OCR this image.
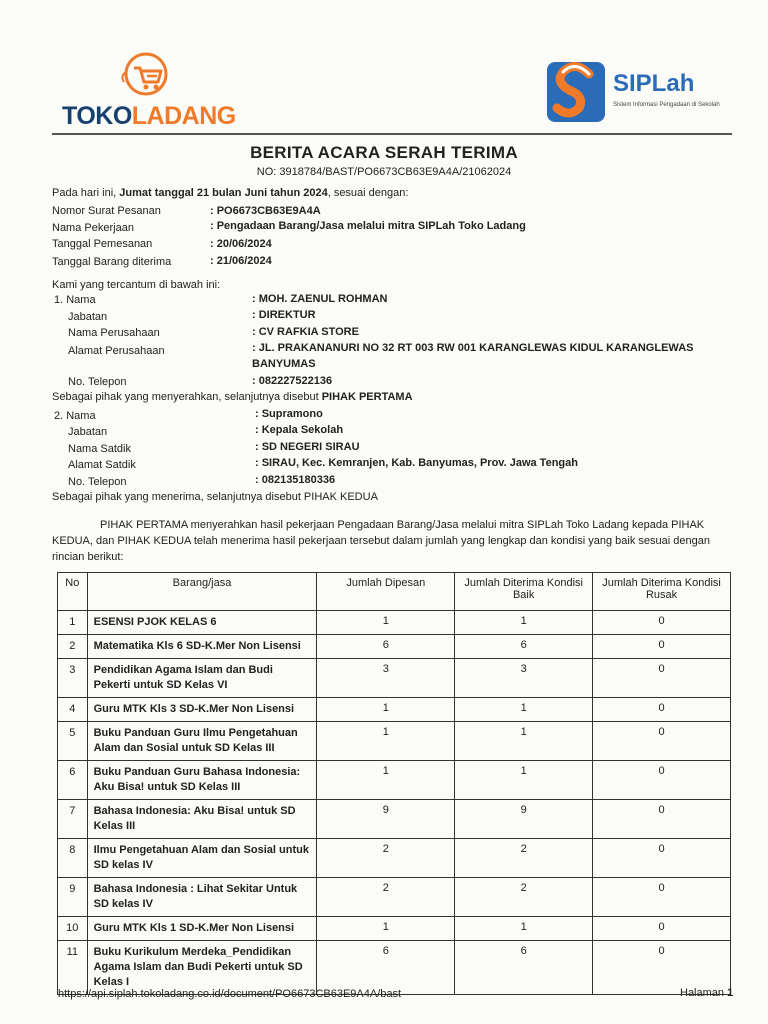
TOKOLADANG
SIPLah
Sistem Informasi Pengadaan di Sekolah
BERITA ACARA SERAH TERIMA
NO: 3918784/BAST/PO6673CB63E9A4A/21062024
Pada hari ini, Jumat tanggal 21 bulan Juni tahun 2024, sesuai dengan:
Nomor Surat Pesanan	: PO6673CB63E9A4A
Nama Pekerjaan	: Pengadaan Barang/Jasa melalui mitra SIPLah Toko Ladang
Tanggal Pemesanan	: 20/06/2024
Tanggal Barang diterima	: 21/06/2024
Kami yang tercantum di bawah ini:
1. Nama	: MOH. ZAENUL ROHMAN
Jabatan	: DIREKTUR
Nama Perusahaan	: CV RAFKIA STORE
Alamat Perusahaan	: JL. PRAKANANURI NO 32 RT 003 RW 001 KARANGLEWAS KIDUL KARANGLEWAS
BANYUMAS
No. Telepon	: 082227522136
Sebagai pihak yang menyerahkan, selanjutnya disebut PIHAK PERTAMA
2. Nama	: Supramono
Jabatan	: Kepala Sekolah
Nama Satdik	: SD NEGERI SIRAU
Alamat Satdik	: SIRAU, Kec. Kemranjen, Kab. Banyumas, Prov. Jawa Tengah
No. Telepon	: 082135180336
Sebagai pihak yang menerima, selanjutnya disebut PIHAK KEDUA
PIHAK PERTAMA menyerahkan hasil pekerjaan Pengadaan Barang/Jasa melalui mitra SIPLah Toko Ladang kepada PIHAK KEDUA, dan PIHAK KEDUA telah menerima hasil pekerjaan tersebut dalam jumlah yang lengkap dan kondisi yang baik sesuai dengan rincian berikut:
No	Barang/jasa	Jumlah Dipesan	Jumlah Diterima Kondisi Baik	Jumlah Diterima Kondisi Rusak
1	ESENSI PJOK KELAS 6	1	1	0
2	Matematika Kls 6 SD-K.Mer Non Lisensi	6	6	0
3	Pendidikan Agama Islam dan Budi Pekerti untuk SD Kelas VI	3	3	0
4	Guru MTK Kls 3 SD-K.Mer Non Lisensi	1	1	0
5	Buku Panduan Guru Ilmu Pengetahuan Alam dan Sosial untuk SD Kelas III	1	1	0
6	Buku Panduan Guru Bahasa Indonesia: Aku Bisa! untuk SD Kelas III	1	1	0
7	Bahasa Indonesia: Aku Bisa! untuk SD Kelas III	9	9	0
8	Ilmu Pengetahuan Alam dan Sosial untuk SD kelas IV	2	2	0
9	Bahasa Indonesia : Lihat Sekitar Untuk SD kelas IV	2	2	0
10	Guru MTK Kls 1 SD-K.Mer Non Lisensi	1	1	0
11	Buku Kurikulum Merdeka_Pendidikan Agama Islam dan Budi Pekerti untuk SD Kelas I	6	6	0
https://api.siplah.tokoladang.co.id/document/PO6673CB63E9A4A/bast	Halaman 1
